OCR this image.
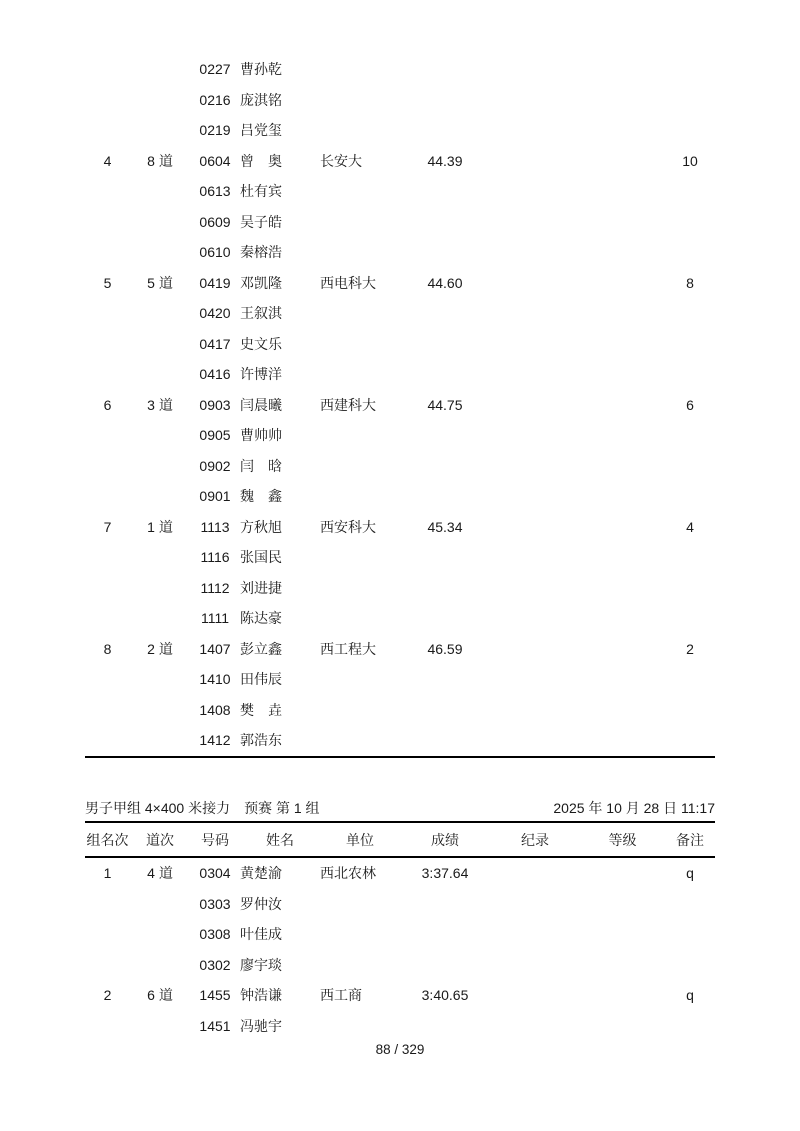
		0227	曹孙乾					
		0216	庞淇铭					
		0219	吕党玺					
4	8 道	0604	曾　奥	长安大	44.39			10
		0613	杜有宾					
		0609	吴子皓					
		0610	秦榕浩					
5	5 道	0419	邓凯隆	西电科大	44.60			8
		0420	王叙淇					
		0417	史文乐					
		0416	许博洋					
6	3 道	0903	闫晨曦	西建科大	44.75			6
		0905	曹帅帅					
		0902	闫　晗					
		0901	魏　鑫					
7	1 道	1113	方秋旭	西安科大	45.34			4
		1116	张国民					
		1112	刘进捷					
		1111	陈达豪					
8	2 道	1407	彭立鑫	西工程大	46.59			2
		1410	田伟辰					
		1408	樊　垚					
		1412	郭浩东					
男子甲组 4×400 米接力　预赛 第 1 组	2025 年 10 月 28 日 11:17
组名次	道次	号码	姓名	单位	成绩	纪录	等级	备注
1	4 道	0304	黄楚渝	西北农林	3:37.64			q
		0303	罗仲汝					
		0308	叶佳成					
		0302	廖宇琰					
2	6 道	1455	钟浩谦	西工商	3:40.65			q
		1451	冯驰宇					
88 / 329
